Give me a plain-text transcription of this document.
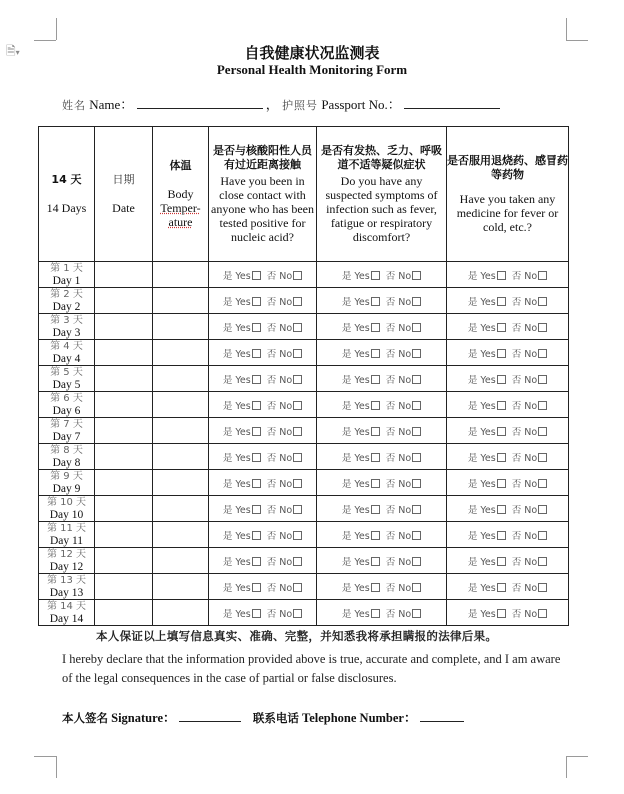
🗎▾	自我健康状况监测表
Personal Health Monitoring Form
姓名 Name：	， 护照号 Passport No.：
14 天
14 Days	日期
Date	体温
Body
Temper-
ature	是否与核酸阳性人员有过近距离接触
Have you been in close contact with anyone who has been tested positive for nucleic acid?	是否有发热、乏力、呼吸道不适等疑似症状
Do you have any suspected symptoms of infection such as fever, fatigue or respiratory discomfort?	是否服用退烧药、感冒药等药物
Have you taken any medicine for fever or cold, etc.?

第 1 天
Day 1			是 Yes 否 No	是 Yes 否 No	是 Yes 否 No

第 2 天
Day 2			是 Yes 否 No	是 Yes 否 No	是 Yes 否 No

第 3 天
Day 3			是 Yes 否 No	是 Yes 否 No	是 Yes 否 No

第 4 天
Day 4			是 Yes 否 No	是 Yes 否 No	是 Yes 否 No

第 5 天
Day 5			是 Yes 否 No	是 Yes 否 No	是 Yes 否 No

第 6 天
Day 6			是 Yes 否 No	是 Yes 否 No	是 Yes 否 No

第 7 天
Day 7			是 Yes 否 No	是 Yes 否 No	是 Yes 否 No

第 8 天
Day 8			是 Yes 否 No	是 Yes 否 No	是 Yes 否 No

第 9 天
Day 9			是 Yes 否 No	是 Yes 否 No	是 Yes 否 No

第 10 天
Day 10			是 Yes 否 No	是 Yes 否 No	是 Yes 否 No

第 11 天
Day 11			是 Yes 否 No	是 Yes 否 No	是 Yes 否 No

第 12 天
Day 12			是 Yes 否 No	是 Yes 否 No	是 Yes 否 No

第 13 天
Day 13			是 Yes 否 No	是 Yes 否 No	是 Yes 否 No

第 14 天
Day 14			是 Yes 否 No	是 Yes 否 No	是 Yes 否 No
本人保证以上填写信息真实、准确、完整，并知悉我将承担瞒报的法律后果。
I hereby declare that the information provided above is true, accurate and complete, and I am aware of the legal consequences in the case of partial or false disclosures.
本人签名 Signature：	联系电话 Telephone Number：
